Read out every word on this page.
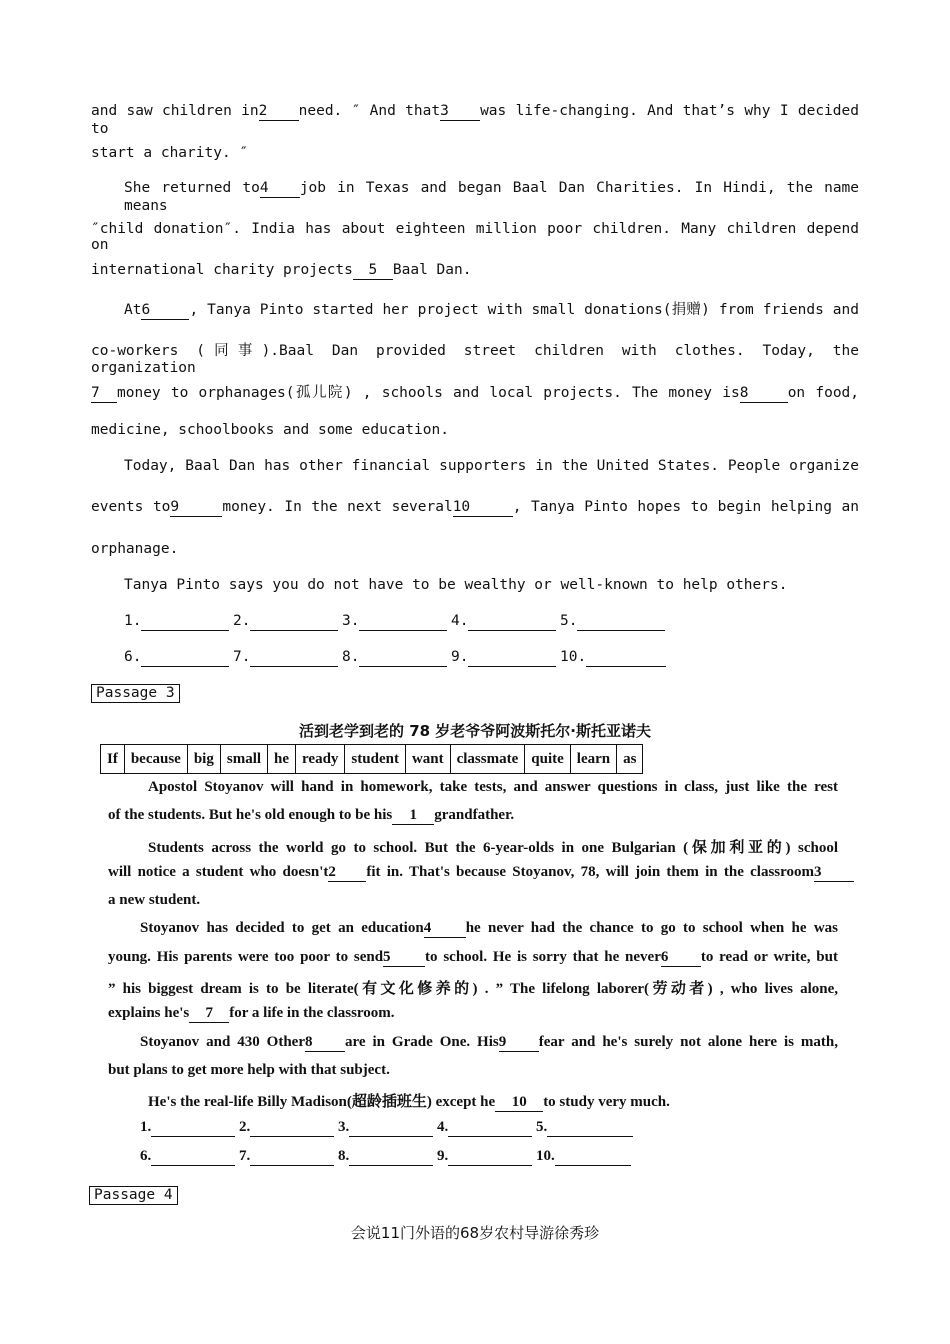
and saw children in2 need. ″ And that3 was life-changing. And that’s why I decided to
start a charity. ″
She returned to4 job in Texas and began Baal Dan Charities. In Hindi, the name means
″child donation″. India has about eighteen million poor children. Many children depend on
international charity projects 5 Baal Dan.
At6	, Tanya Pinto started her project with small donations(捐赠) from friends and
co-workers (同事).Baal Dan provided street children with clothes. Today, the organization
7 money to orphanages(孤儿院) , schools and local projects. The money is8	on food,
medicine, schoolbooks and some education.
Today, Baal Dan has other financial supporters in the United States. People organize
events to9	money. In the next several10	, Tanya Pinto hopes to begin helping an
orphanage.
Tanya Pinto says you do not have to be wealthy or well-known to help others.
1.	2.	3.	4.	5.
6.	7.	8.	9.	10.
Passage 3
活到老学到老的 78 岁老爷爷阿波斯托尔·斯托亚诺夫
If	because	big	small	he	ready	student	want	classmate	quite	learn	as
Apostol Stoyanov will hand in homework, take tests, and answer questions in class, just like the rest
of the students. But he's old enough to be his 1 grandfather.
Students across the world go to school. But the 6-year-olds in one Bulgarian (保加利亚的) school
will notice a student who doesn't2 fit in. That's because Stoyanov, 78, will join them in the classroom3
a new student.
Stoyanov has decided to get an education4 he never had the chance to go to school when he was
young. His parents were too poor to send5 to school. He is sorry that he never6 to read or write, but
” his biggest dream is to be literate(有文化修养的) . ” The lifelong laborer(劳动者) , who lives alone,
explains he's 7 for a life in the classroom.
Stoyanov and 430 Other8 are in Grade One. His9 fear and he's surely not alone here is math,
but plans to get more help with that subject.
He's the real-life Billy Madison(超龄插班生) except he 10 to study very much.
1.	2.	3.	4.	5.
6.	7.	8.	9.	10.
Passage 4
会说11门外语的68岁农村导游徐秀珍
